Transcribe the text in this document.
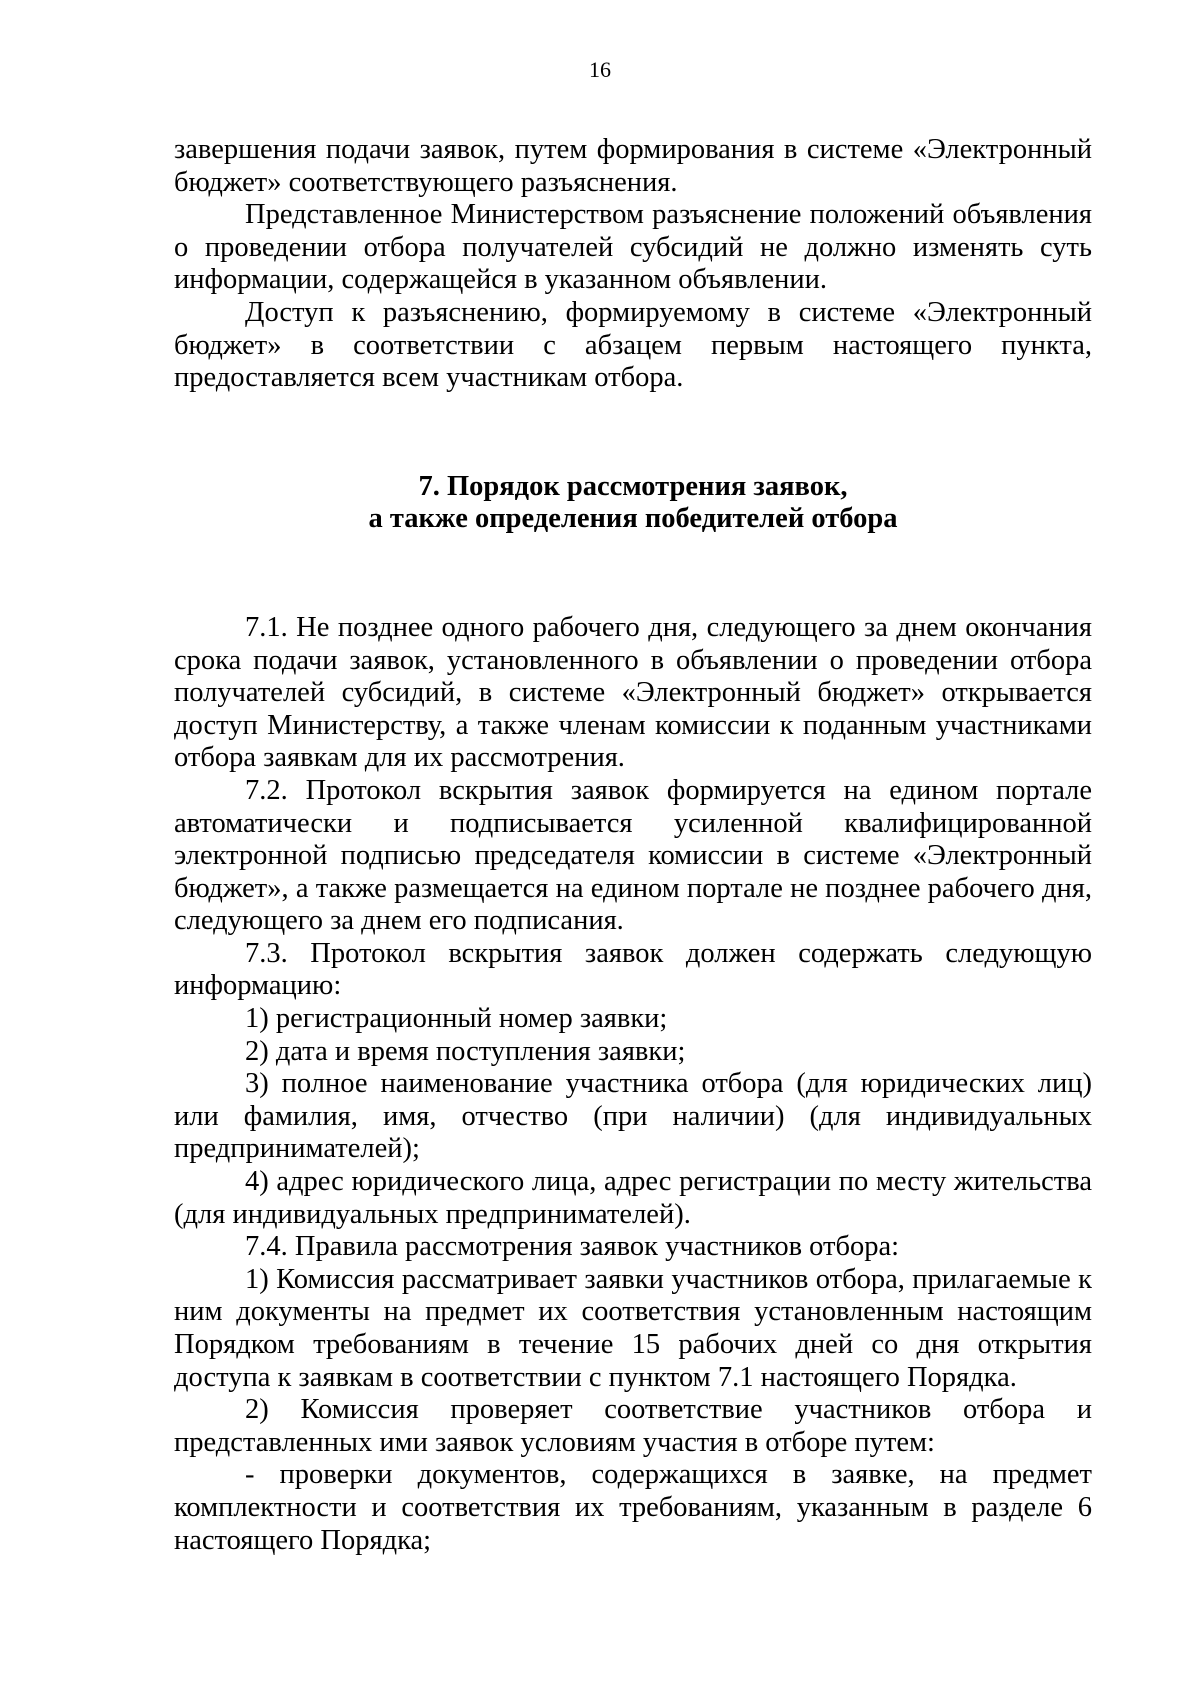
16

завершения подачи заявок, путем формирования в системе «Электронный бюджет» соответствующего разъяснения.

Представленное Министерством разъяснение положений объявления о проведении отбора получателей субсидий не должно изменять суть информации, содержащейся в указанном объявлении.

Доступ к разъяснению, формируемому в системе «Электронный бюджет» в соответствии с абзацем первым настоящего пункта, предоставляется всем участникам отбора.

7. Порядок рассмотрения заявок,
а также определения победителей отбора

7.1. Не позднее одного рабочего дня, следующего за днем окончания срока подачи заявок, установленного в объявлении о проведении отбора получателей субсидий, в системе «Электронный бюджет» открывается доступ Министерству, а также членам комиссии к поданным участниками отбора заявкам для их рассмотрения.

7.2. Протокол вскрытия заявок формируется на едином портале автоматически и подписывается усиленной квалифицированной электронной подписью председателя комиссии в системе «Электронный бюджет», а также размещается на едином портале не позднее рабочего дня, следующего за днем его подписания.

7.3. Протокол вскрытия заявок должен содержать следующую информацию:

1) регистрационный номер заявки;

2) дата и время поступления заявки;

3) полное наименование участника отбора (для юридических лиц) или фамилия, имя, отчество (при наличии) (для индивидуальных предпринимателей);

4) адрес юридического лица, адрес регистрации по месту жительства (для индивидуальных предпринимателей).

7.4. Правила рассмотрения заявок участников отбора:

1) Комиссия рассматривает заявки участников отбора, прилагаемые к ним документы на предмет их соответствия установленным настоящим Порядком требованиям в течение 15 рабочих дней со дня открытия доступа к заявкам в соответствии с пунктом 7.1 настоящего Порядка.

2) Комиссия проверяет соответствие участников отбора и представленных ими заявок условиям участия в отборе путем:

- проверки документов, содержащихся в заявке, на предмет комплектности и соответствия их требованиям, указанным в разделе 6 настоящего Порядка;
